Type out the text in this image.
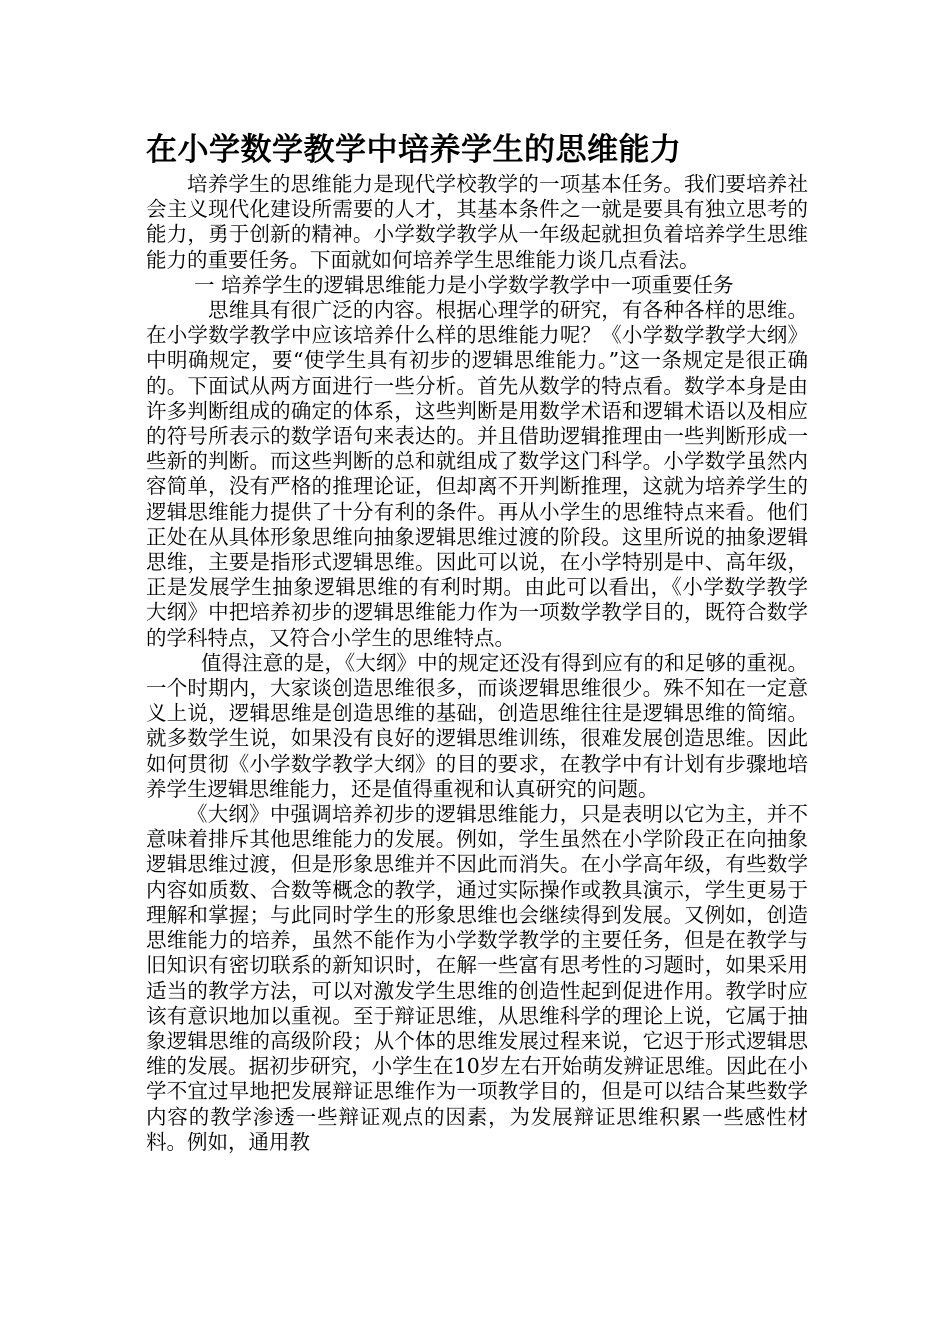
在小学数学教学中培养学生的思维能力

培养学生的思维能力是现代学校教学的一项基本任务。我们要培养社会主义现代化建设所需要的人才，其基本条件之一就是要具有独立思考的能力，勇于创新的精神。小学数学教学从一年级起就担负着培养学生思维能力的重要任务。下面就如何培养学生思维能力谈几点看法。

一 培养学生的逻辑思维能力是小学数学教学中一项重要任务

思维具有很广泛的内容。根据心理学的研究，有各种各样的思维。在小学数学教学中应该培养什么样的思维能力呢？《小学数学教学大纲》中明确规定，要“使学生具有初步的逻辑思维能力。”这一条规定是很正确的。下面试从两方面进行一些分析。首先从数学的特点看。数学本身是由许多判断组成的确定的体系，这些判断是用数学术语和逻辑术语以及相应的符号所表示的数学语句来表达的。并且借助逻辑推理由一些判断形成一些新的判断。而这些判断的总和就组成了数学这门科学。小学数学虽然内容简单，没有严格的推理论证，但却离不开判断推理，这就为培养学生的逻辑思维能力提供了十分有利的条件。再从小学生的思维特点来看。他们正处在从具体形象思维向抽象逻辑思维过渡的阶段。这里所说的抽象逻辑思维，主要是指形式逻辑思维。因此可以说，在小学特别是中、高年级，正是发展学生抽象逻辑思维的有利时期。由此可以看出，《小学数学教学大纲》中把培养初步的逻辑思维能力作为一项数学教学目的，既符合数学的学科特点，又符合小学生的思维特点。

值得注意的是，《大纲》中的规定还没有得到应有的和足够的重视。一个时期内，大家谈创造思维很多，而谈逻辑思维很少。殊不知在一定意义上说，逻辑思维是创造思维的基础，创造思维往往是逻辑思维的简缩。就多数学生说，如果没有良好的逻辑思维训练，很难发展创造思维。因此如何贯彻《小学数学教学大纲》的目的要求，在教学中有计划有步骤地培养学生逻辑思维能力，还是值得重视和认真研究的问题。

《大纲》中强调培养初步的逻辑思维能力，只是表明以它为主，并不意味着排斥其他思维能力的发展。例如，学生虽然在小学阶段正在向抽象逻辑思维过渡，但是形象思维并不因此而消失。在小学高年级，有些数学内容如质数、合数等概念的教学，通过实际操作或教具演示，学生更易于理解和掌握；与此同时学生的形象思维也会继续得到发展。又例如，创造思维能力的培养，虽然不能作为小学数学教学的主要任务，但是在教学与旧知识有密切联系的新知识时，在解一些富有思考性的习题时，如果采用适当的教学方法，可以对激发学生思维的创造性起到促进作用。教学时应该有意识地加以重视。至于辩证思维，从思维科学的理论上说，它属于抽象逻辑思维的高级阶段；从个体的思维发展过程来说，它迟于形式逻辑思维的发展。据初步研究，小学生在10岁左右开始萌发辨证思维。因此在小学不宜过早地把发展辩证思维作为一项教学目的，但是可以结合某些数学内容的教学渗透一些辩证观点的因素，为发展辩证思维积累一些感性材料。例如，通用教
